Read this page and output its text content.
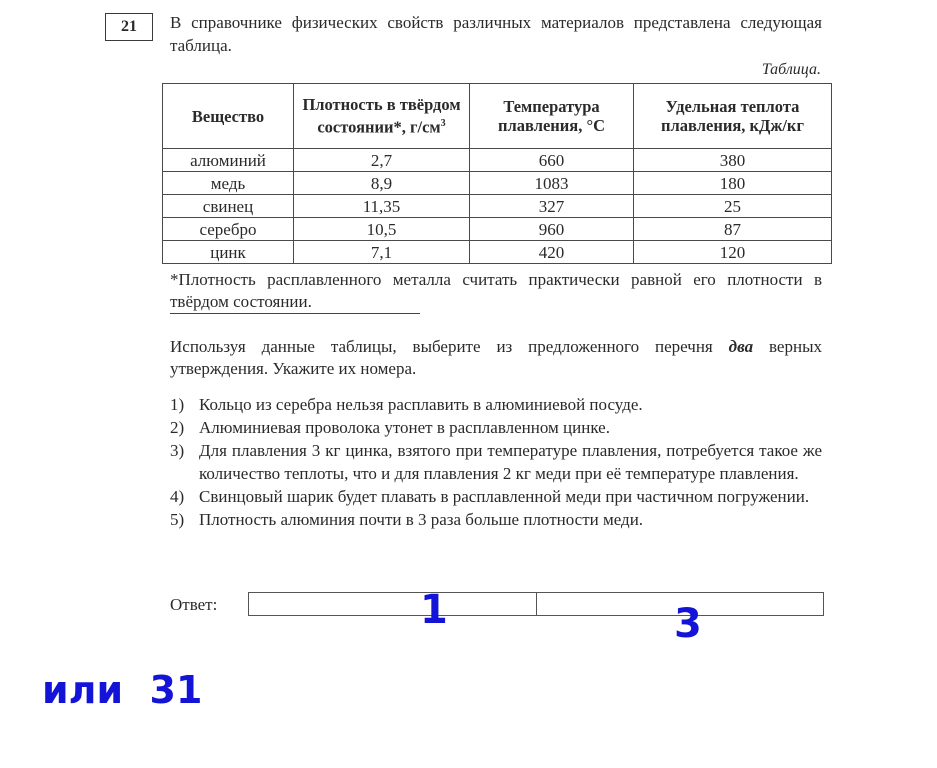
21	В справочнике физических свойств различных материалов представлена следующая таблица.
Таблица.
Вещество	Плотность в твёрдом состоянии*, $г/см^3$	Температура плавления, °С	Удельная теплота плавления, кДж/кг
алюминий	2,7	660	380
медь	8,9	1083	180
свинец	11,35	327	25
серебро	10,5	960	87
цинк	7,1	420	120
*Плотность расплавленного металла считать практически равной его плотности в твёрдом состоянии.
Используя данные таблицы, выберите из предложенного перечня два верных утверждения. Укажите их номера.
1) Кольцо из серебра нельзя расплавить в алюминиевой посуде.
2) Алюминиевая проволока утонет в расплавленном цинке.
3) Для плавления 3 кг цинка, взятого при температуре плавления, потребуется такое же количество теплоты, что и для плавления 2 кг меди при её температуре плавления.
4) Свинцовый шарик будет плавать в расплавленной меди при частичном погружении.
5) Плотность алюминия почти в 3 раза больше плотности меди.
Ответ:	1	3
или  31
